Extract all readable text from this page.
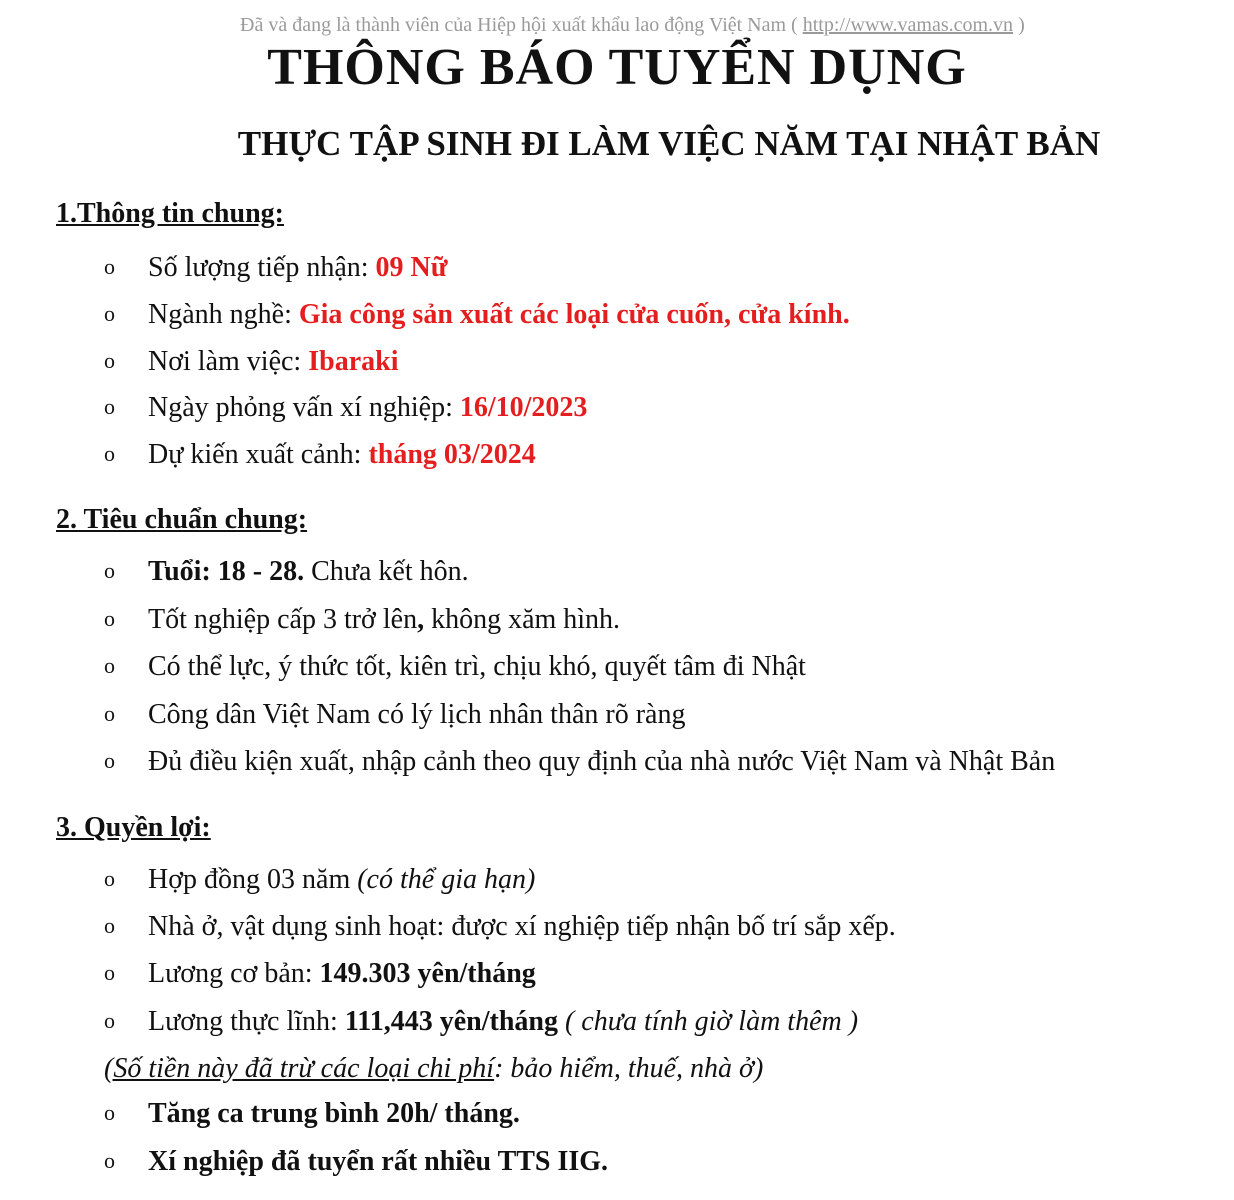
Đã và đang là thành viên của Hiệp hội xuất khẩu lao động Việt Nam ( http://www.vamas.com.vn )
THÔNG BÁO TUYỂN DỤNG
THỰC TẬP SINH ĐI LÀM VIỆC NĂM TẠI NHẬT BẢN
1.Thông tin chung:
o Số lượng tiếp nhận: 09 Nữ
o Ngành nghề: Gia công sản xuất các loại cửa cuốn, cửa kính.
o Nơi làm việc: Ibaraki
o Ngày phỏng vấn xí nghiệp: 16/10/2023
o Dự kiến xuất cảnh: tháng 03/2024
2. Tiêu chuẩn chung:
o Tuổi: 18 - 28. Chưa kết hôn.
o Tốt nghiệp cấp 3 trở lên, không xăm hình.
o Có thể lực, ý thức tốt, kiên trì, chịu khó, quyết tâm đi Nhật
o Công dân Việt Nam có lý lịch nhân thân rõ ràng
o Đủ điều kiện xuất, nhập cảnh theo quy định của nhà nước Việt Nam và Nhật Bản
3. Quyền lợi:
o Hợp đồng 03 năm (có thể gia hạn)
o Nhà ở, vật dụng sinh hoạt: được xí nghiệp tiếp nhận bố trí sắp xếp.
o Lương cơ bản: 149.303 yên/tháng
o Lương thực lĩnh: 111,443 yên/tháng ( chưa tính giờ làm thêm )
(Số tiền này đã trừ các loại chi phí: bảo hiểm, thuế, nhà ở)
o Tăng ca trung bình 20h/ tháng.
o Xí nghiệp đã tuyển rất nhiều TTS IIG.
